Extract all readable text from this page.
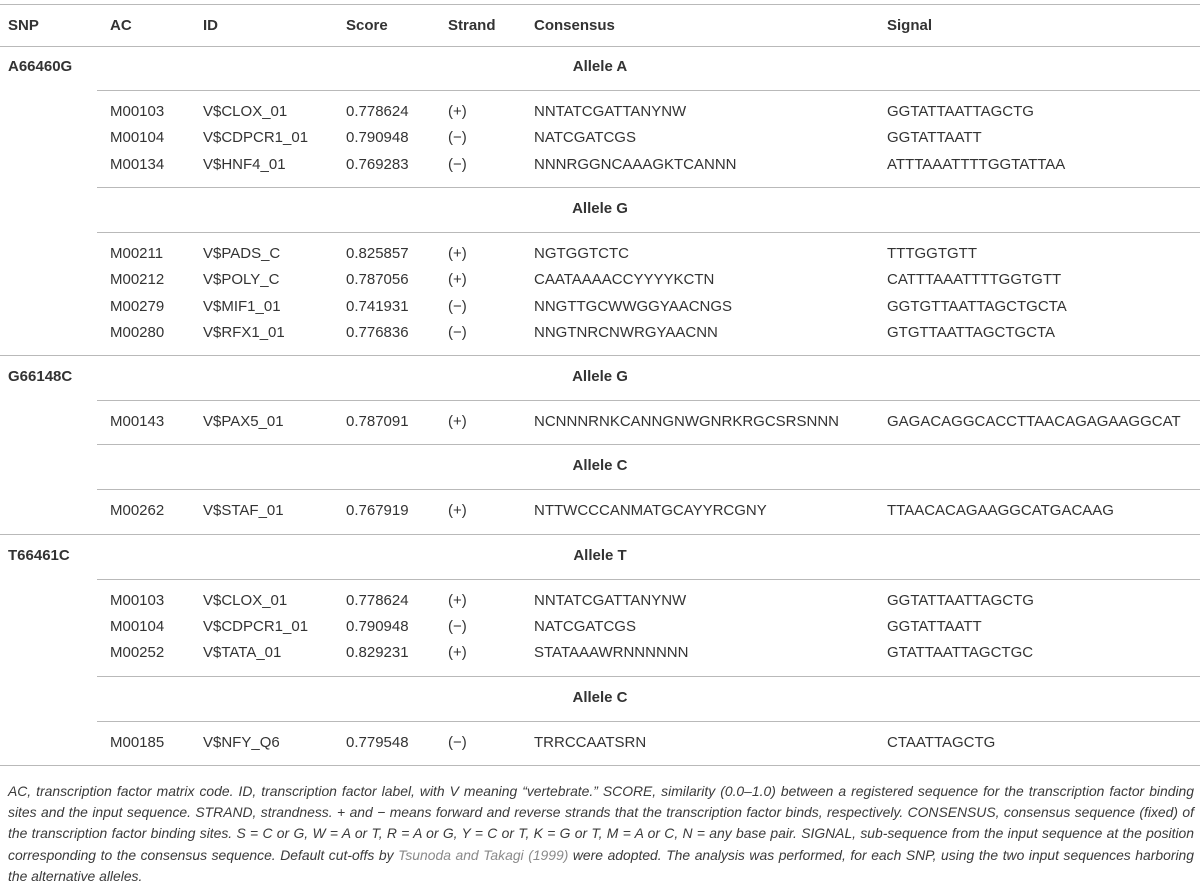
SNP	AC	ID	Score	Strand	Consensus	Signal
A66460G	Allele A
M00103	V$CLOX_01	0.778624	(+)	NNTATCGATTANYNW	GGTATTAATTAGCTG
M00104	V$CDPCR1_01	0.790948	(−)	NATCGATCGS	GGTATTAATT
M00134	V$HNF4_01	0.769283	(−)	NNNRGGNCAAAGKTCANNN	ATTTAAATTTTGGTATTAA
Allele G
M00211	V$PADS_C	0.825857	(+)	NGTGGTCTC	TTTGGTGTT
M00212	V$POLY_C	0.787056	(+)	CAATAAAACCYYYYKCTN	CATTTAAATTTTGGTGTT
M00279	V$MIF1_01	0.741931	(−)	NNGTTGCWWGGYAACNGS	GGTGTTAATTAGCTGCTA
M00280	V$RFX1_01	0.776836	(−)	NNGTNRCNWRGYAACNN	GTGTTAATTAGCTGCTA
G66148C	Allele G
M00143	V$PAX5_01	0.787091	(+)	NCNNNRNKCANNGNWGNRKRGCSRSNNN	GAGACAGGCACCTTAACAGAGAAGGCAT
Allele C
M00262	V$STAF_01	0.767919	(+)	NTTWCCCANMATGCAYYRCGNY	TTAACACAGAAGGCATGACAAG
T66461C	Allele T
M00103	V$CLOX_01	0.778624	(+)	NNTATCGATTANYNW	GGTATTAATTAGCTG
M00104	V$CDPCR1_01	0.790948	(−)	NATCGATCGS	GGTATTAATT
M00252	V$TATA_01	0.829231	(+)	STATAAAWRNNNNNN	GTATTAATTAGCTGC
Allele C
M00185	V$NFY_Q6	0.779548	(−)	TRRCCAATSRN	CTAATTAGCTG
AC, transcription factor matrix code. ID, transcription factor label, with V meaning “vertebrate.” SCORE, similarity (0.0–1.0) between a registered sequence for the transcription factor binding sites and the input sequence. STRAND, strandness. + and − means forward and reverse strands that the transcription factor binds, respectively. CONSENSUS, consensus sequence (fixed) of the transcription factor binding sites. S = C or G, W = A or T, R = A or G, Y = C or T, K = G or T, M = A or C, N = any base pair. SIGNAL, sub-sequence from the input sequence at the position corresponding to the consensus sequence. Default cut-offs by Tsunoda and Takagi (1999) were adopted. The analysis was performed, for each SNP, using the two input sequences harboring the alternative alleles.
